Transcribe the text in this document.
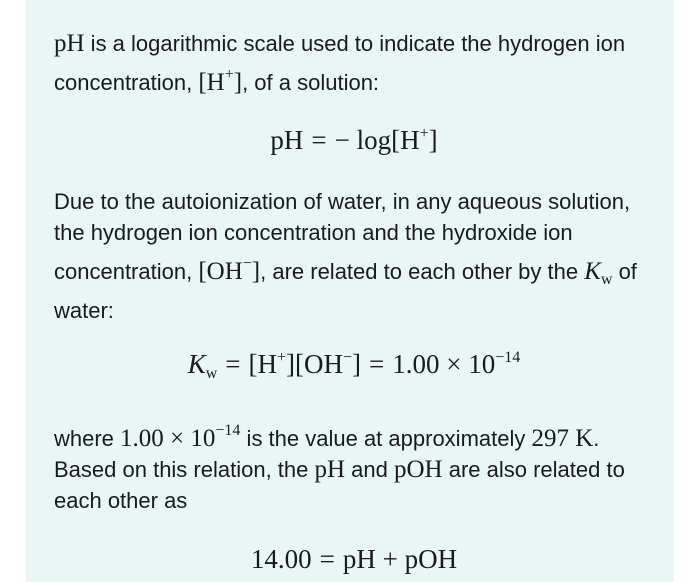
pH is a logarithmic scale used to indicate the hydrogen ion concentration, [H+], of a solution:

pH = − log[H+]

Due to the autoionization of water, in any aqueous solution, the hydrogen ion concentration and the hydroxide ion concentration, [OH−], are related to each other by the $K_w$ of water:

$K_w = [H^+][OH^-] = 1.00 \times 10^{-14}$

where $1.00 \times 10^{-14}$ is the value at approximately 297 K. Based on this relation, the pH and pOH are also related to each other as

14.00 = pH + pOH
